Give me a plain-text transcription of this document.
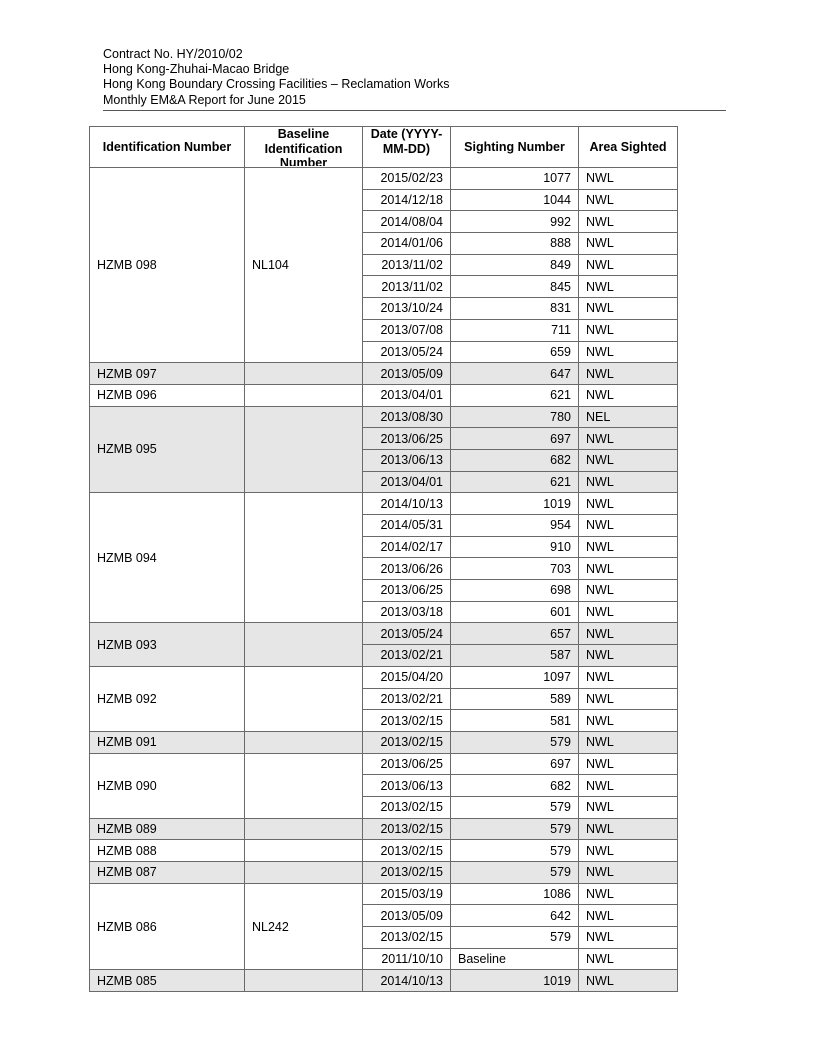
Contract No. HY/2010/02
Hong Kong-Zhuhai-Macao Bridge
Hong Kong Boundary Crossing Facilities – Reclamation Works
Monthly EM&A Report for June 2015
Identification Number	Baseline Identification Number	Date (YYYY-MM-DD)	Sighting Number	Area Sighted
HZMB 098	NL104	2015/02/23	1077	NWL
		2014/12/18	1044	NWL
		2014/08/04	992	NWL
		2014/01/06	888	NWL
		2013/11/02	849	NWL
		2013/11/02	845	NWL
		2013/10/24	831	NWL
		2013/07/08	711	NWL
		2013/05/24	659	NWL
HZMB 097		2013/05/09	647	NWL
HZMB 096		2013/04/01	621	NWL
HZMB 095		2013/08/30	780	NEL
		2013/06/25	697	NWL
		2013/06/13	682	NWL
		2013/04/01	621	NWL
HZMB 094		2014/10/13	1019	NWL
		2014/05/31	954	NWL
		2014/02/17	910	NWL
		2013/06/26	703	NWL
		2013/06/25	698	NWL
		2013/03/18	601	NWL
HZMB 093		2013/05/24	657	NWL
		2013/02/21	587	NWL
HZMB 092		2015/04/20	1097	NWL
		2013/02/21	589	NWL
		2013/02/15	581	NWL
HZMB 091		2013/02/15	579	NWL
HZMB 090		2013/06/25	697	NWL
		2013/06/13	682	NWL
		2013/02/15	579	NWL
HZMB 089		2013/02/15	579	NWL
HZMB 088		2013/02/15	579	NWL
HZMB 087		2013/02/15	579	NWL
HZMB 086	NL242	2015/03/19	1086	NWL
		2013/05/09	642	NWL
		2013/02/15	579	NWL
		2011/10/10	Baseline	NWL
HZMB 085		2014/10/13	1019	NWL
